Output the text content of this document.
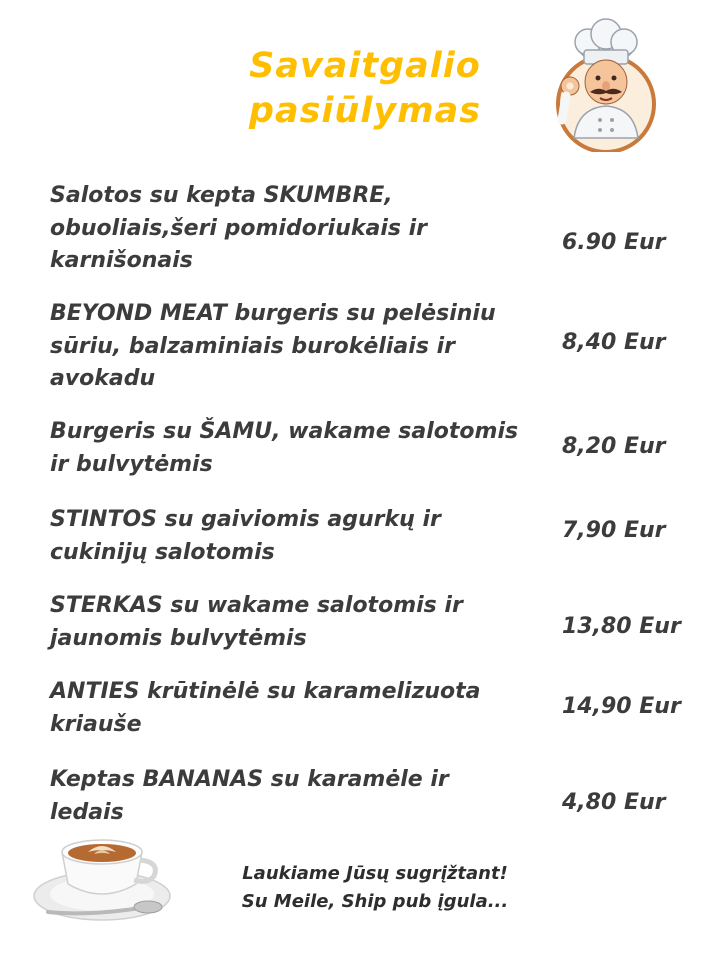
Savaitgalio
pasiūlymas
Salotos su kepta SKUMBRE,
obuoliais,šeri pomidoriukais ir
karnišonais
6.90 Eur
BEYOND MEAT burgeris su pelėsiniu
sūriu, balzaminiais burokėliais ir
avokadu
8,40 Eur
Burgeris su ŠAMU, wakame salotomis
ir bulvytėmis
8,20 Eur
STINTOS su gaiviomis agurkų ir
cukinijų salotomis
7,90 Eur
STERKAS su wakame salotomis ir
jaunomis bulvytėmis	13,80 Eur
ANTIES krūtinėlė su karamelizuota
kriauše
14,90 Eur
Keptas BANANAS su karamėle ir
ledais	4,80 Eur
Laukiame Jūsų sugrįžtant!
Su Meile, Ship pub įgula...
